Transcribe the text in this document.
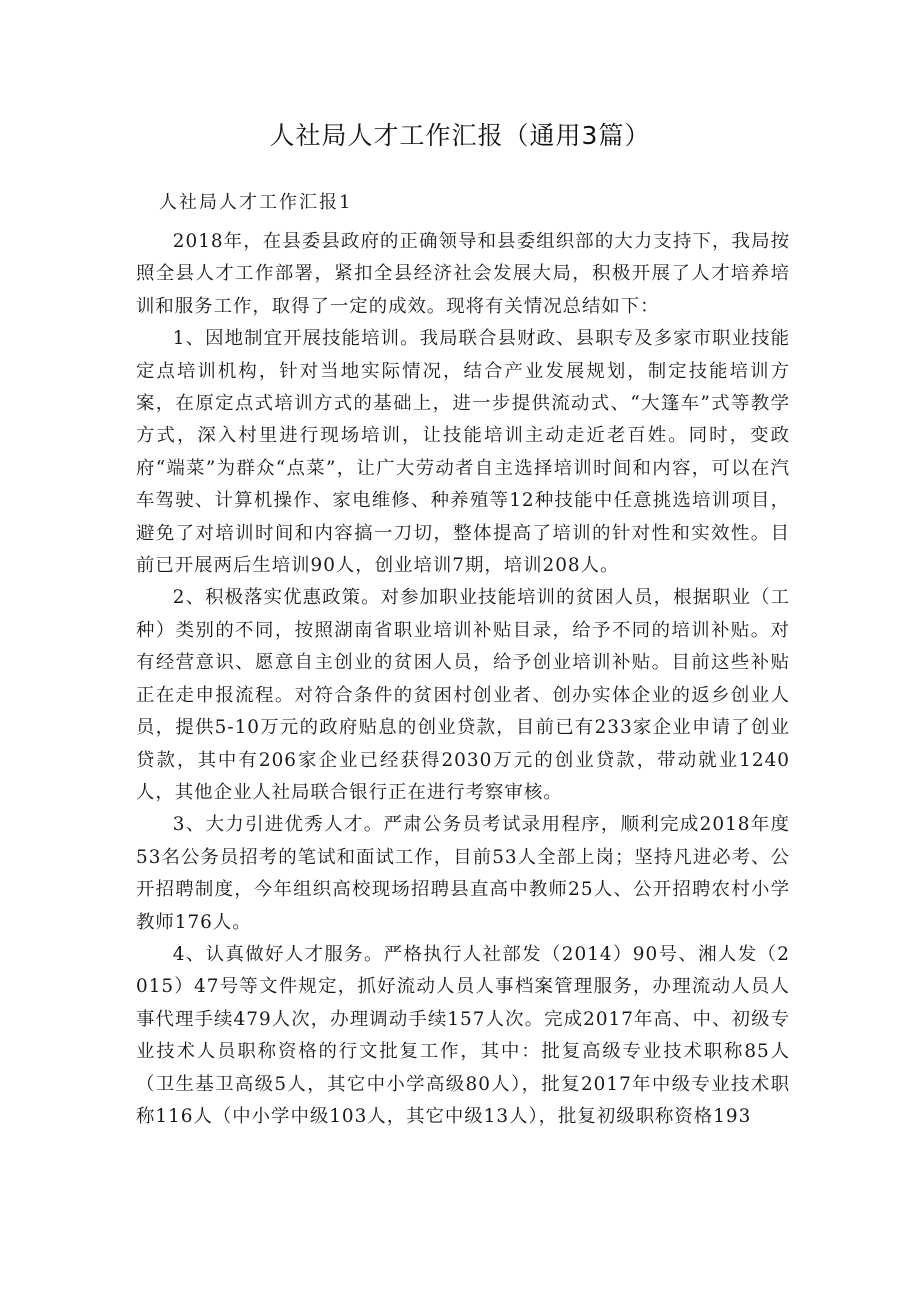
人社局人才工作汇报（通用3篇）
人社局人才工作汇报1

2018年，在县委县政府的正确领导和县委组织部的大力支持下，我局按照全县人才工作部署，紧扣全县经济社会发展大局，积极开展了人才培养培训和服务工作，取得了一定的成效。现将有关情况总结如下：

1、因地制宜开展技能培训。我局联合县财政、县职专及多家市职业技能定点培训机构，针对当地实际情况，结合产业发展规划，制定技能培训方案，在原定点式培训方式的基础上，进一步提供流动式、“大篷车”式等教学方式，深入村里进行现场培训，让技能培训主动走近老百姓。同时，变政府“端菜”为群众“点菜”，让广大劳动者自主选择培训时间和内容，可以在汽车驾驶、计算机操作、家电维修、种养殖等12种技能中任意挑选培训项目，避免了对培训时间和内容搞一刀切，整体提高了培训的针对性和实效性。目前已开展两后生培训90人，创业培训7期，培训208人。

2、积极落实优惠政策。对参加职业技能培训的贫困人员，根据职业（工种）类别的不同，按照湖南省职业培训补贴目录，给予不同的培训补贴。对有经营意识、愿意自主创业的贫困人员，给予创业培训补贴。目前这些补贴正在走申报流程。对符合条件的贫困村创业者、创办实体企业的返乡创业人员，提供5-10万元的政府贴息的创业贷款，目前已有233家企业申请了创业贷款，其中有206家企业已经获得2030万元的创业贷款，带动就业1240人，其他企业人社局联合银行正在进行考察审核。

3、大力引进优秀人才。严肃公务员考试录用程序，顺利完成2018年度53名公务员招考的笔试和面试工作，目前53人全部上岗；坚持凡进必考、公开招聘制度，今年组织高校现场招聘县直高中教师25人、公开招聘农村小学教师176人。

4、认真做好人才服务。严格执行人社部发（2014）90号、湘人发（2015）47号等文件规定，抓好流动人员人事档案管理服务，办理流动人员人事代理手续479人次，办理调动手续157人次。完成2017年高、中、初级专业技术人员职称资格的行文批复工作，其中：批复高级专业技术职称85人（卫生基卫高级5人，其它中小学高级80人），批复2017年中级专业技术职称116人（中小学中级103人，其它中级13人），批复初级职称资格193
